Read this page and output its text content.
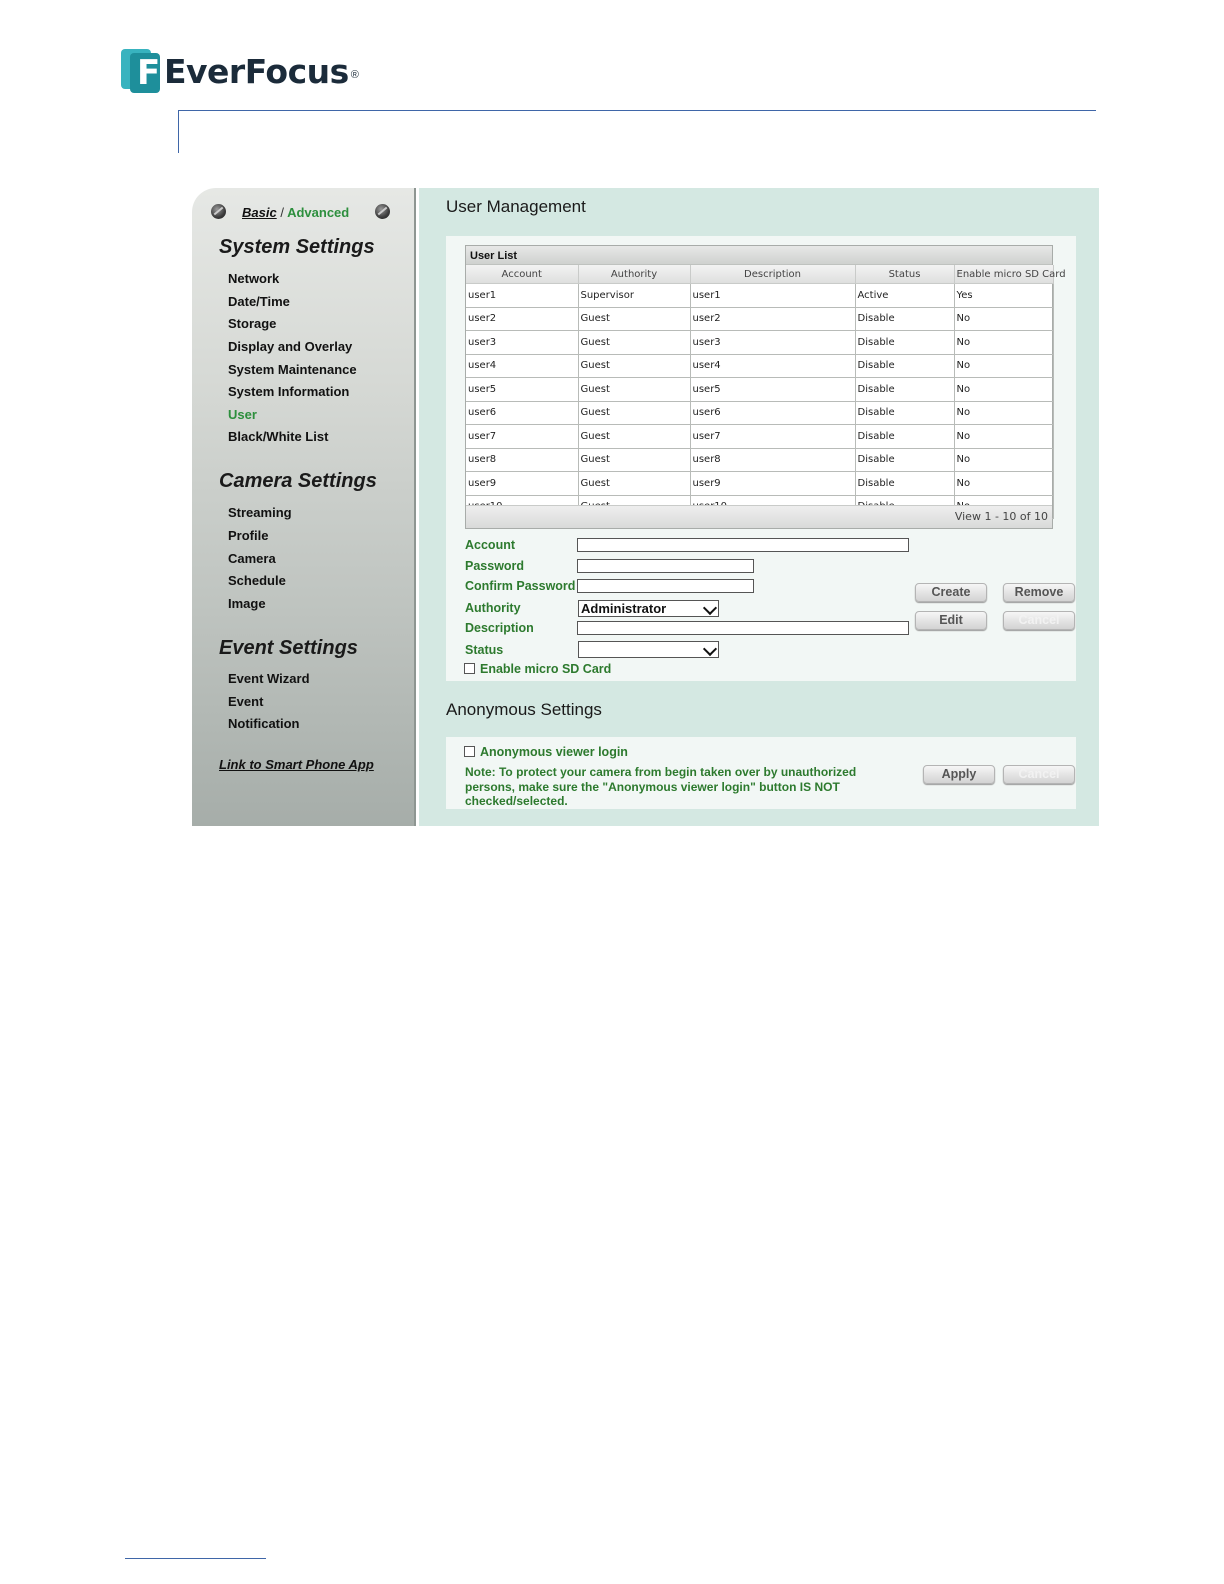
F EverFocus ®
Basic / Advanced
System Settings
Network
Date/Time
Storage
Display and Overlay
System Maintenance
System Information
User
Black/White List
Camera Settings
Streaming
Profile
Camera
Schedule
Image
Event Settings
Event Wizard
Event
Notification
Link to Smart Phone App
User Management
User List
Account	Authority	Description	Status	Enable micro SD Card
user1	Supervisor	user1	Active	Yes
user2	Guest	user2	Disable	No
user3	Guest	user3	Disable	No
user4	Guest	user4	Disable	No
user5	Guest	user5	Disable	No
user6	Guest	user6	Disable	No
user7	Guest	user7	Disable	No
user8	Guest	user8	Disable	No
user9	Guest	user9	Disable	No

View 1 - 10 of 10
Account
Password
Confirm Password
Authority	Administrator
Description
Status
Enable micro SD Card
Create	Remove
Edit	Cancel
Anonymous Settings
Anonymous viewer login
Note: To protect your camera from begin taken over by unauthorized persons, make sure the "Anonymous viewer login" button IS NOT checked/selected.
Apply	Cancel
